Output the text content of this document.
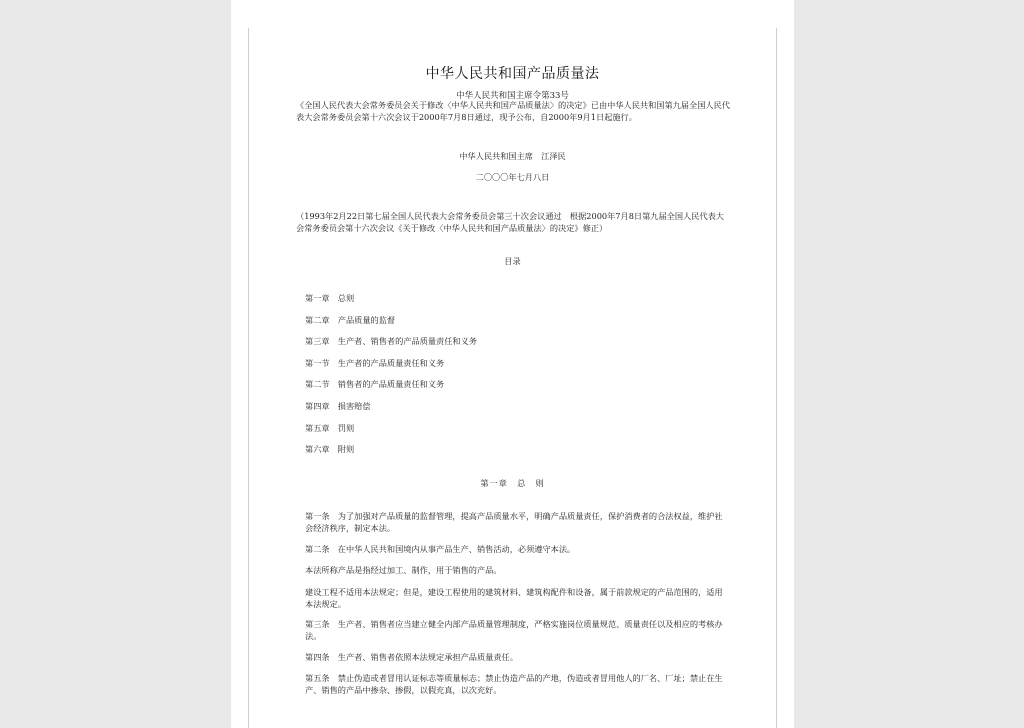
中华人民共和国产品质量法
中华人民共和国主席令第33号
《全国人民代表大会常务委员会关于修改〈中华人民共和国产品质量法〉的决定》已由中华人民共和国第九届全国人民代表大会常务委员会第十六次会议于2000年7月8日通过，现予公布，自2000年9月1日起施行。
中华人民共和国主席　江泽民
二〇〇〇年七月八日
（1993年2月22日第七届全国人民代表大会常务委员会第三十次会议通过　根据2000年7月8日第九届全国人民代表大会常务委员会第十六次会议《关于修改〈中华人民共和国产品质量法〉的决定》修正）
目录
第一章　总则
第二章　产品质量的监督
第三章　生产者、销售者的产品质量责任和义务
第一节　生产者的产品质量责任和义务
第二节　销售者的产品质量责任和义务
第四章　损害赔偿
第五章　罚则
第六章　附则
第一章　总　则
第一条　为了加强对产品质量的监督管理，提高产品质量水平，明确产品质量责任，保护消费者的合法权益，维护社会经济秩序，制定本法。
第二条　在中华人民共和国境内从事产品生产、销售活动，必须遵守本法。
本法所称产品是指经过加工、制作，用于销售的产品。
建设工程不适用本法规定；但是，建设工程使用的建筑材料、建筑构配件和设备，属于前款规定的产品范围的，适用本法规定。
第三条　生产者、销售者应当建立健全内部产品质量管理制度，严格实施岗位质量规范、质量责任以及相应的考核办法。
第四条　生产者、销售者依照本法规定承担产品质量责任。
第五条　禁止伪造或者冒用认证标志等质量标志；禁止伪造产品的产地，伪造或者冒用他人的厂名、厂址；禁止在生产、销售的产品中掺杂、掺假，以假充真，以次充好。
